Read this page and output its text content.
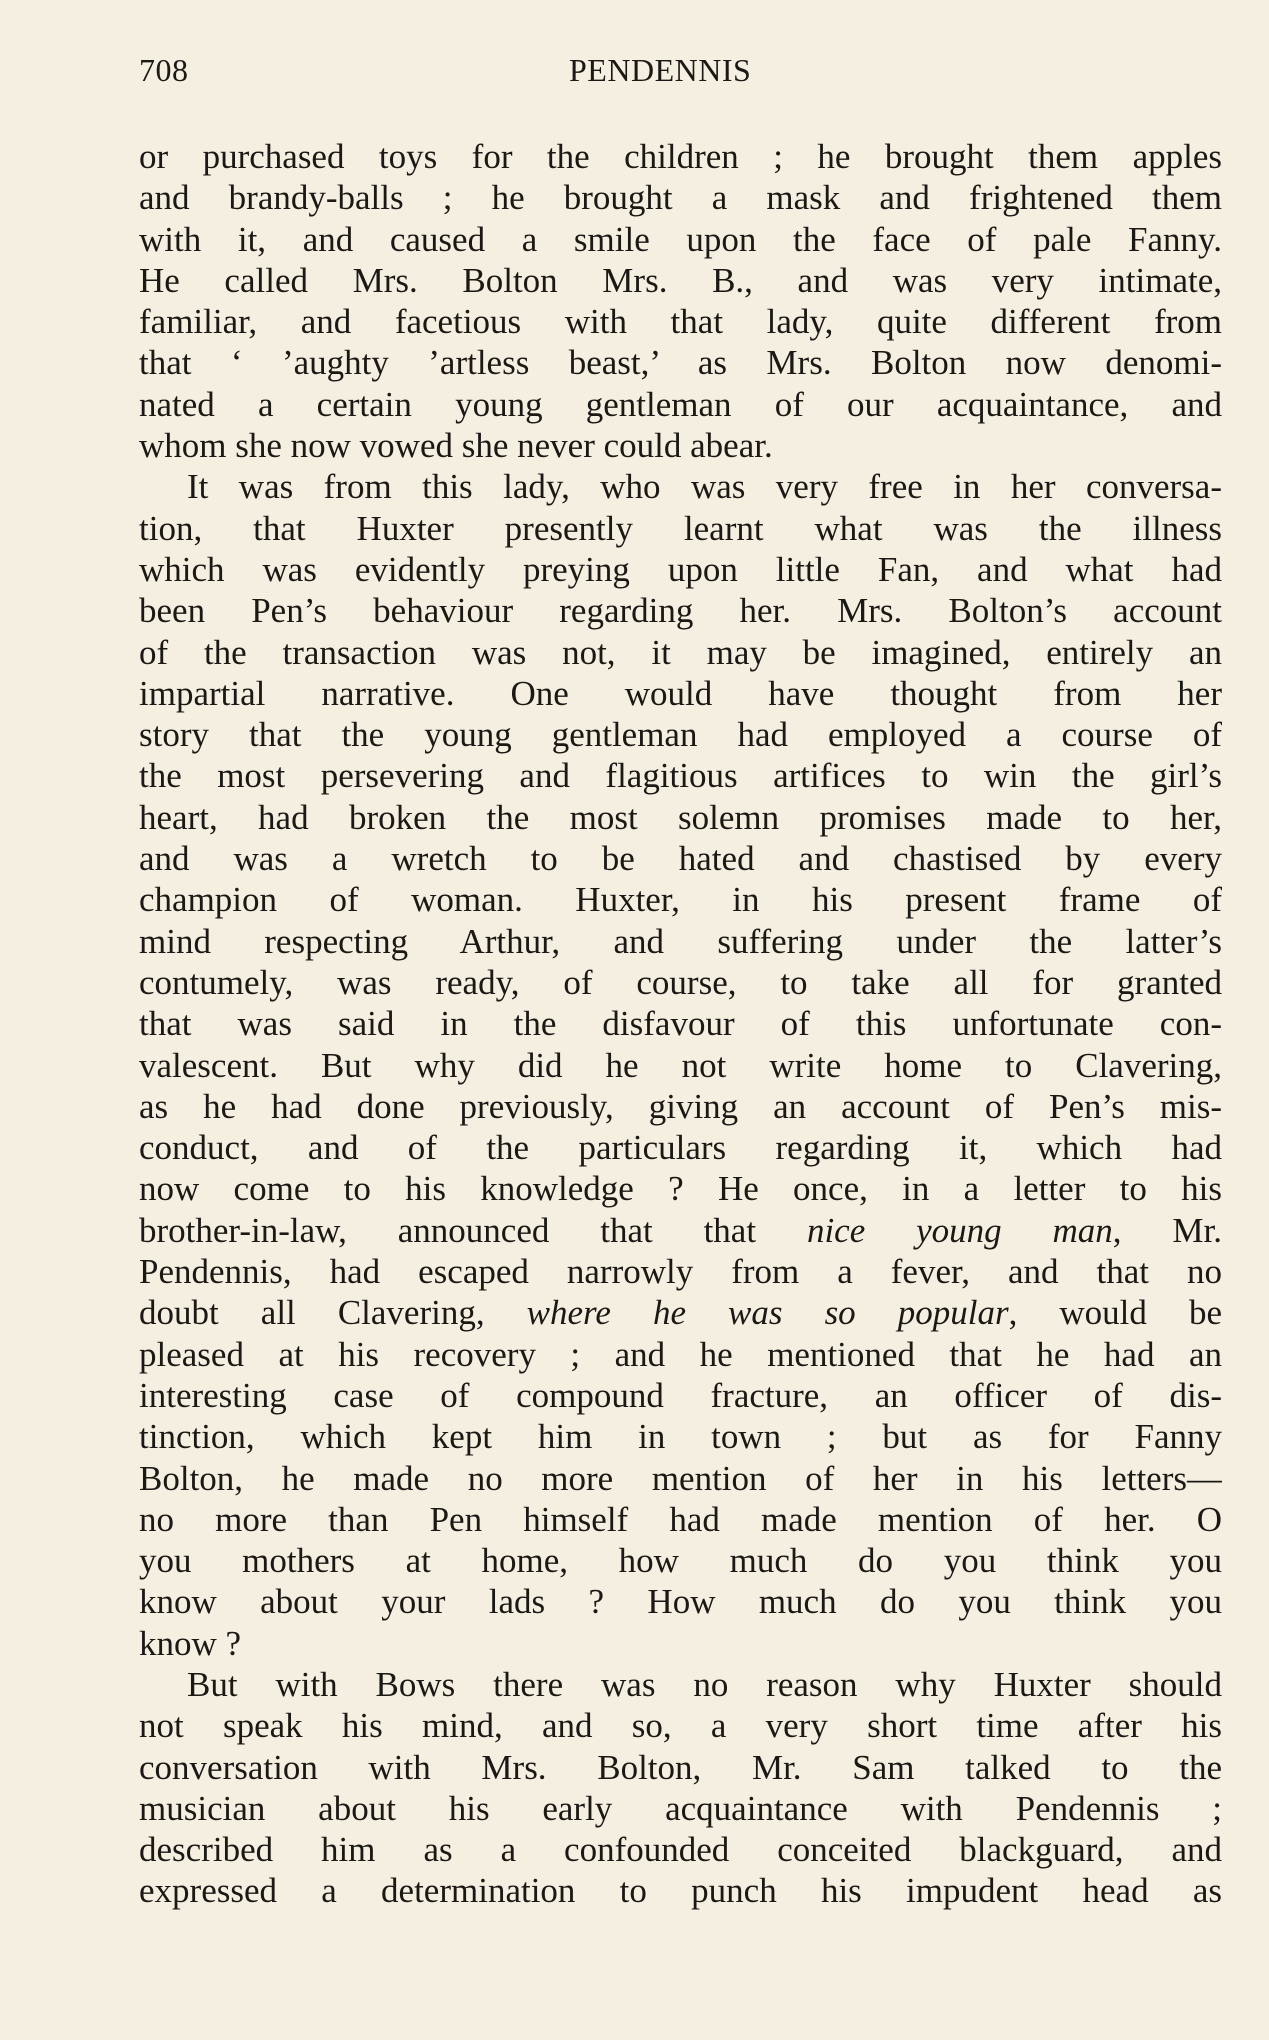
708	PENDENNIS
or purchased toys for the children ; he brought them apples
and brandy-balls ; he brought a mask and frightened them
with it, and caused a smile upon the face of pale Fanny.
He called Mrs. Bolton Mrs. B., and was very intimate,
familiar, and facetious with that lady, quite different from
that ‘ ’aughty ’artless beast,’ as Mrs. Bolton now denomi-
nated a certain young gentleman of our acquaintance, and
whom she now vowed she never could abear.
It was from this lady, who was very free in her conversa-
tion, that Huxter presently learnt what was the illness
which was evidently preying upon little Fan, and what had
been Pen’s behaviour regarding her. Mrs. Bolton’s account
of the transaction was not, it may be imagined, entirely an
impartial narrative. One would have thought from her
story that the young gentleman had employed a course of
the most persevering and flagitious artifices to win the girl’s
heart, had broken the most solemn promises made to her,
and was a wretch to be hated and chastised by every
champion of woman. Huxter, in his present frame of
mind respecting Arthur, and suffering under the latter’s
contumely, was ready, of course, to take all for granted
that was said in the disfavour of this unfortunate con-
valescent. But why did he not write home to Clavering,
as he had done previously, giving an account of Pen’s mis-
conduct, and of the particulars regarding it, which had
now come to his knowledge ? He once, in a letter to his
brother-in-law, announced that that nice young man, Mr.
Pendennis, had escaped narrowly from a fever, and that no
doubt all Clavering, where he was so popular, would be
pleased at his recovery ; and he mentioned that he had an
interesting case of compound fracture, an officer of dis-
tinction, which kept him in town ; but as for Fanny
Bolton, he made no more mention of her in his letters—
no more than Pen himself had made mention of her. O
you mothers at home, how much do you think you
know about your lads ? How much do you think you
know ?
But with Bows there was no reason why Huxter should
not speak his mind, and so, a very short time after his
conversation with Mrs. Bolton, Mr. Sam talked to the
musician about his early acquaintance with Pendennis ;
described him as a confounded conceited blackguard, and
expressed a determination to punch his impudent head as
